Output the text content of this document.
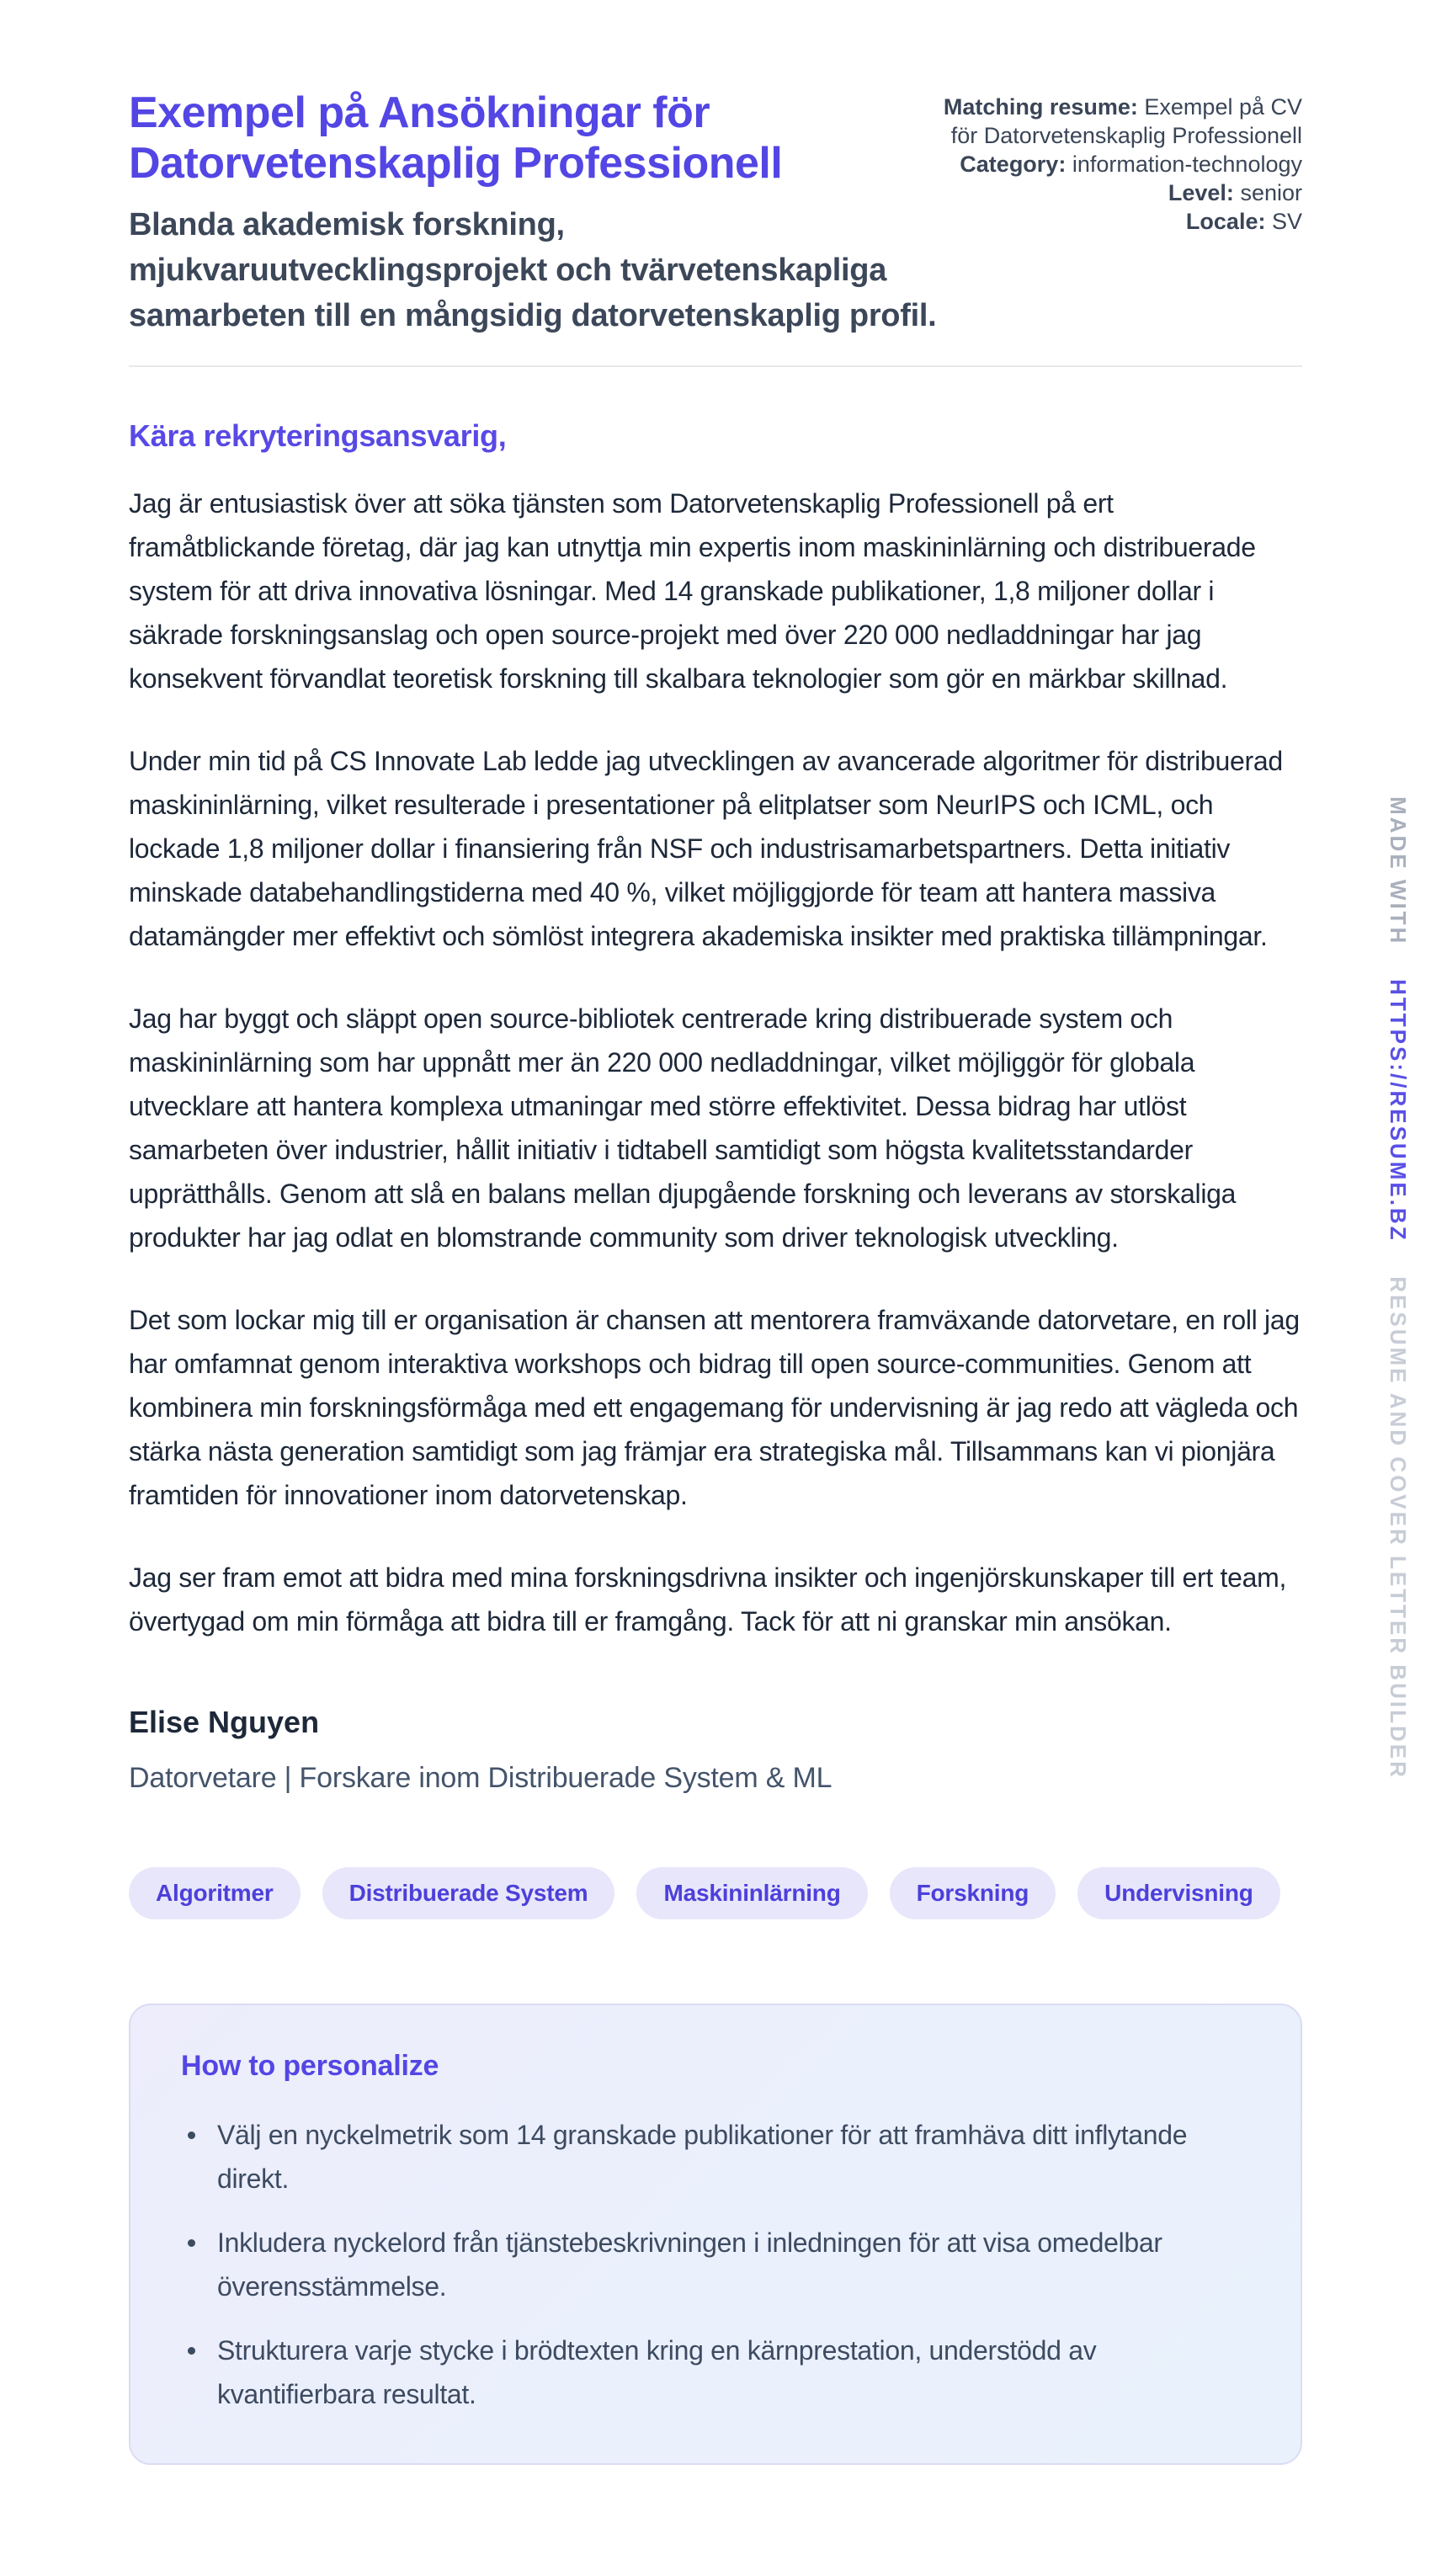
Exempel på Ansökningar för Datorvetenskaplig Professionell
Blanda akademisk forskning, mjukvaruutvecklingsprojekt och tvärvetenskapliga samarbeten till en mångsidig datorvetenskaplig profil.

Matching resume: Exempel på CV för Datorvetenskaplig Professionell

Category: information-technology

Level: senior

Locale: SV

Kära rekryteringsansvarig,

Jag är entusiastisk över att söka tjänsten som Datorvetenskaplig Professionell på ert framåtblickande företag, där jag kan utnyttja min expertis inom maskininlärning och distribuerade system för att driva innovativa lösningar. Med 14 granskade publikationer, 1,8 miljoner dollar i säkrade forskningsanslag och open source-projekt med över 220 000 nedladdningar har jag konsekvent förvandlat teoretisk forskning till skalbara teknologier som gör en märkbar skillnad.

Under min tid på CS Innovate Lab ledde jag utvecklingen av avancerade algoritmer för distribuerad maskininlärning, vilket resulterade i presentationer på elitplatser som NeurIPS och ICML, och lockade 1,8 miljoner dollar i finansiering från NSF och industrisamarbetspartners. Detta initiativ minskade databehandlingstiderna med 40 %, vilket möjliggjorde för team att hantera massiva datamängder mer effektivt och sömlöst integrera akademiska insikter med praktiska tillämpningar.

Jag har byggt och släppt open source-bibliotek centrerade kring distribuerade system och maskininlärning som har uppnått mer än 220 000 nedladdningar, vilket möjliggör för globala utvecklare att hantera komplexa utmaningar med större effektivitet. Dessa bidrag har utlöst samarbeten över industrier, hållit initiativ i tidtabell samtidigt som högsta kvalitetsstandarder upprätthålls. Genom att slå en balans mellan djupgående forskning och leverans av storskaliga produkter har jag odlat en blomstrande community som driver teknologisk utveckling.

Det som lockar mig till er organisation är chansen att mentorera framväxande datorvetare, en roll jag har omfamnat genom interaktiva workshops och bidrag till open source-communities. Genom att kombinera min forskningsförmåga med ett engagemang för undervisning är jag redo att vägleda och stärka nästa generation samtidigt som jag främjar era strategiska mål. Tillsammans kan vi pionjära framtiden för innovationer inom datorvetenskap.

Jag ser fram emot att bidra med mina forskningsdrivna insikter och ingenjörskunskaper till ert team, övertygad om min förmåga att bidra till er framgång. Tack för att ni granskar min ansökan.

Elise Nguyen
Datorvetare | Forskare inom Distribuerade System & ML
Algoritmer	Distribuerade System	Maskininlärning	Forskning	Undervisning
How to personalize
Välj en nyckelmetrik som 14 granskade publikationer för att framhäva ditt inflytande direkt.
Inkludera nyckelord från tjänstebeskrivningen i inledningen för att visa omedelbar överensstämmelse.
Strukturera varje stycke i brödtexten kring en kärnprestation, understödd av kvantifierbara resultat.
MADE WITH HTTPS://RESUME.BZ RESUME AND COVER LETTER BUILDER
